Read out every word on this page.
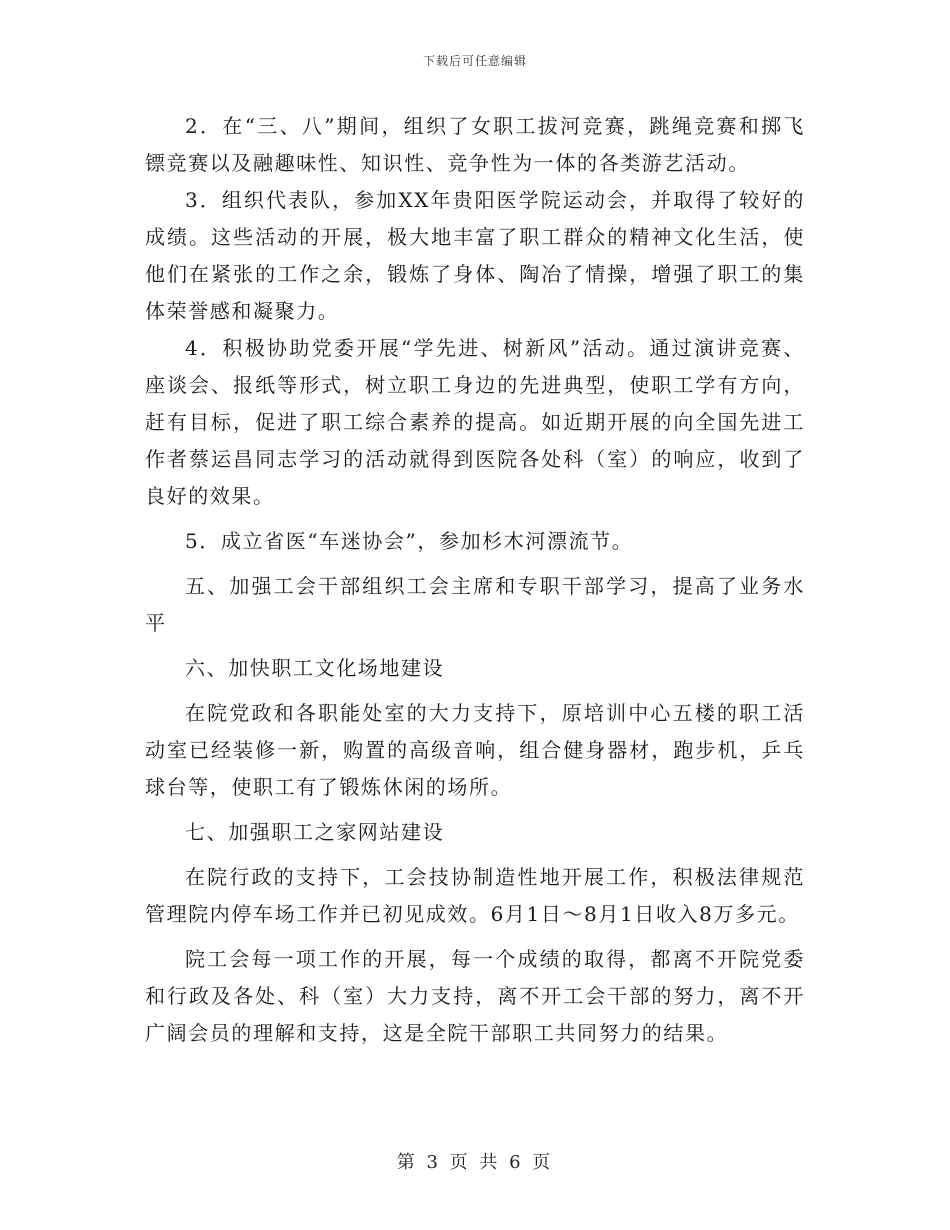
下载后可任意编辑

2．在“三、八”期间，组织了女职工拔河竞赛，跳绳竞赛和掷飞镖竞赛以及融趣味性、知识性、竞争性为一体的各类游艺活动。

3．组织代表队，参加XX年贵阳医学院运动会，并取得了较好的成绩。这些活动的开展，极大地丰富了职工群众的精神文化生活，使他们在紧张的工作之余，锻炼了身体、陶冶了情操，增强了职工的集体荣誉感和凝聚力。

4．积极协助党委开展“学先进、树新风”活动。通过演讲竞赛、座谈会、报纸等形式，树立职工身边的先进典型，使职工学有方向，赶有目标，促进了职工综合素养的提高。如近期开展的向全国先进工作者蔡运昌同志学习的活动就得到医院各处科（室）的响应，收到了良好的效果。

5．成立省医“车迷协会”，参加杉木河漂流节。

五、加强工会干部组织工会主席和专职干部学习，提高了业务水平

六、加快职工文化场地建设

在院党政和各职能处室的大力支持下，原培训中心五楼的职工活动室已经装修一新，购置的高级音响，组合健身器材，跑步机，乒乓球台等，使职工有了锻炼休闲的场所。

七、加强职工之家网站建设

在院行政的支持下，工会技协制造性地开展工作，积极法律规范管理院内停车场工作并已初见成效。6月1日～8月1日收入8万多元。

院工会每一项工作的开展，每一个成绩的取得，都离不开院党委和行政及各处、科（室）大力支持，离不开工会干部的努力，离不开广阔会员的理解和支持，这是全院干部职工共同努力的结果。

第 3 页 共 6 页
